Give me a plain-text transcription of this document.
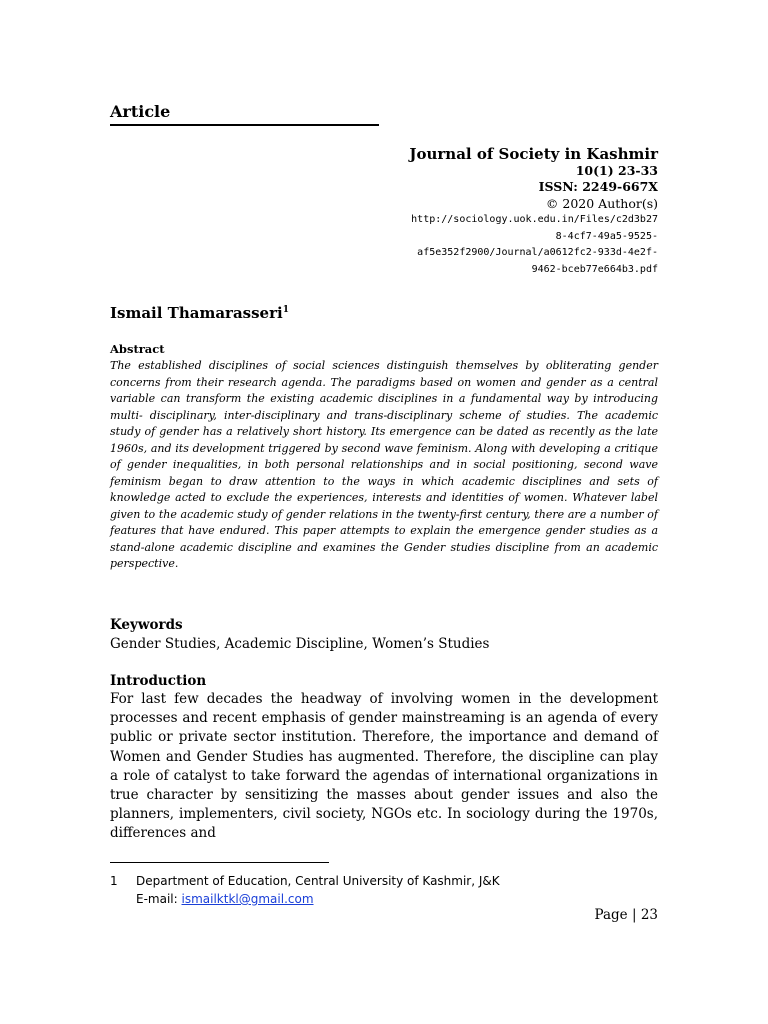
Article
Journal of Society in Kashmir
10(1) 23-33
ISSN: 2249-667X
© 2020 Author(s)
http://sociology.uok.edu.in/Files/c2d3b27
8-4cf7-49a5-9525-
af5e352f2900/Journal/a0612fc2-933d-4e2f-
9462-bceb77e664b3.pdf
Ismail Thamarasseri$^1$
Abstract
The established disciplines of social sciences distinguish themselves by obliterating gender concerns from their research agenda. The paradigms based on women and gender as a central variable can transform the existing academic disciplines in a fundamental way by introducing multi- disciplinary, inter-disciplinary and trans-disciplinary scheme of studies. The academic study of gender has a relatively short history. Its emergence can be dated as recently as the late 1960s, and its development triggered by second wave feminism. Along with developing a critique of gender inequalities, in both personal relationships and in social positioning, second wave feminism began to draw attention to the ways in which academic disciplines and sets of knowledge acted to exclude the experiences, interests and identities of women. Whatever label given to the academic study of gender relations in the twenty-first century, there are a number of features that have endured. This paper attempts to explain the emergence gender studies as a stand-alone academic discipline and examines the Gender studies discipline from an academic perspective.
Keywords
Gender Studies, Academic Discipline, Women’s Studies
Introduction
For last few decades the headway of involving women in the development processes and recent emphasis of gender mainstreaming is an agenda of every public or private sector institution. Therefore, the importance and demand of Women and Gender Studies has augmented. Therefore, the discipline can play a role of catalyst to take forward the agendas of international organizations in true character by sensitizing the masses about gender issues and also the planners, implementers, civil society, NGOs etc. In sociology during the 1970s, differences and
1 Department of Education, Central University of Kashmir, J&K
E-mail: ismailktkl@gmail.com
Page | 23
